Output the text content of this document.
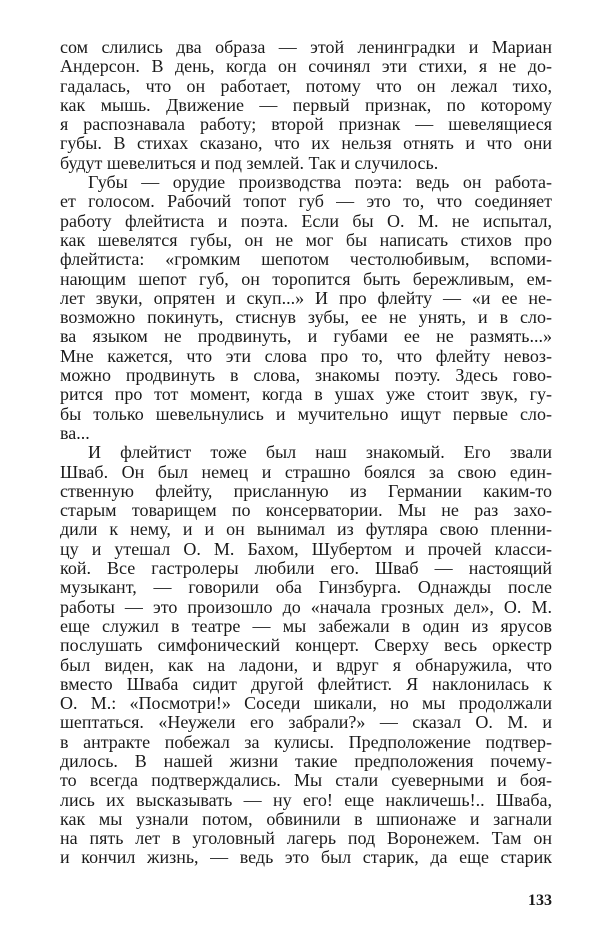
сом слились два образа — этой ленинградки и Мариан
Андерсон. В день, когда он сочинял эти стихи, я не до-
гадалась, что он работает, потому что он лежал тихо,
как мышь. Движение — первый признак, по которому
я распознавала работу; второй признак — шевелящиеся
губы. В стихах сказано, что их нельзя отнять и что они
будут шевелиться и под землей. Так и случилось.
Губы — орудие производства поэта: ведь он работа-
ет голосом. Рабочий топот губ — это то, что соединяет
работу флейтиста и поэта. Если бы О. М. не испытал,
как шевелятся губы, он не мог бы написать стихов про
флейтиста: «громким шепотом честолюбивым, вспоми-
нающим шепот губ, он торопится быть бережливым, ем-
лет звуки, опрятен и скуп...» И про флейту — «и ее не-
возможно покинуть, стиснув зубы, ее не унять, и в сло-
ва языком не продвинуть, и губами ее не размять...»
Мне кажется, что эти слова про то, что флейту невоз-
можно продвинуть в слова, знакомы поэту. Здесь гово-
рится про тот момент, когда в ушах уже стоит звук, гу-
бы только шевельнулись и мучительно ищут первые сло-
ва...
И флейтист тоже был наш знакомый. Его звали
Шваб. Он был немец и страшно боялся за свою един-
ственную флейту, присланную из Германии каким-то
старым товарищем по консерватории. Мы не раз захо-
дили к нему, и и он вынимал из футляра свою пленни-
цу и утешал О. М. Бахом, Шубертом и прочей класси-
кой. Все гастролеры любили его. Шваб — настоящий
музыкант, — говорили оба Гинзбурга. Однажды после
работы — это произошло до «начала грозных дел», О. М.
еще служил в театре — мы забежали в один из ярусов
послушать симфонический концерт. Сверху весь оркестр
был виден, как на ладони, и вдруг я обнаружила, что
вместо Шваба сидит другой флейтист. Я наклонилась к
О. М.: «Посмотри!» Соседи шикали, но мы продолжали
шептаться. «Неужели его забрали?» — сказал О. М. и
в антракте побежал за кулисы. Предположение подтвер-
дилось. В нашей жизни такие предположения почему-
то всегда подтверждались. Мы стали суеверными и боя-
лись их высказывать — ну его! еще накличешь!.. Шваба,
как мы узнали потом, обвинили в шпионаже и загнали
на пять лет в уголовный лагерь под Воронежем. Там он
и кончил жизнь, — ведь это был старик, да еще старик
133
